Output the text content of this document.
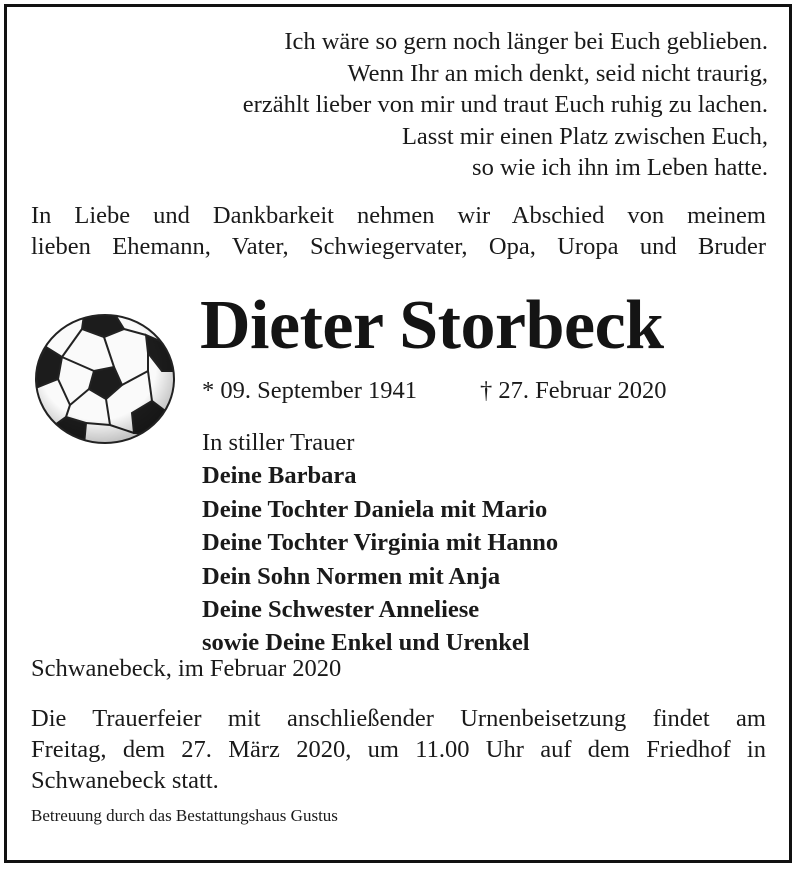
Ich wäre so gern noch länger bei Euch geblieben.
Wenn Ihr an mich denkt, seid nicht traurig,
erzählt lieber von mir und traut Euch ruhig zu lachen.
Lasst mir einen Platz zwischen Euch,
so wie ich ihn im Leben hatte.
In Liebe und Dankbarkeit nehmen wir Abschied von meinem
lieben Ehemann, Vater, Schwiegervater, Opa, Uropa und Bruder
Dieter Storbeck
* 09. September 1941	† 27. Februar 2020
In stiller Trauer
Deine Barbara
Deine Tochter Daniela mit Mario
Deine Tochter Virginia mit Hanno
Dein Sohn Normen mit Anja
Deine Schwester Anneliese
sowie Deine Enkel und Urenkel
Schwanebeck, im Februar 2020
Die Trauerfeier mit anschließender Urnenbeisetzung findet am
Freitag, dem 27. März 2020, um 11.00 Uhr auf dem Friedhof in
Schwanebeck statt.
Betreuung durch das Bestattungshaus Gustus
